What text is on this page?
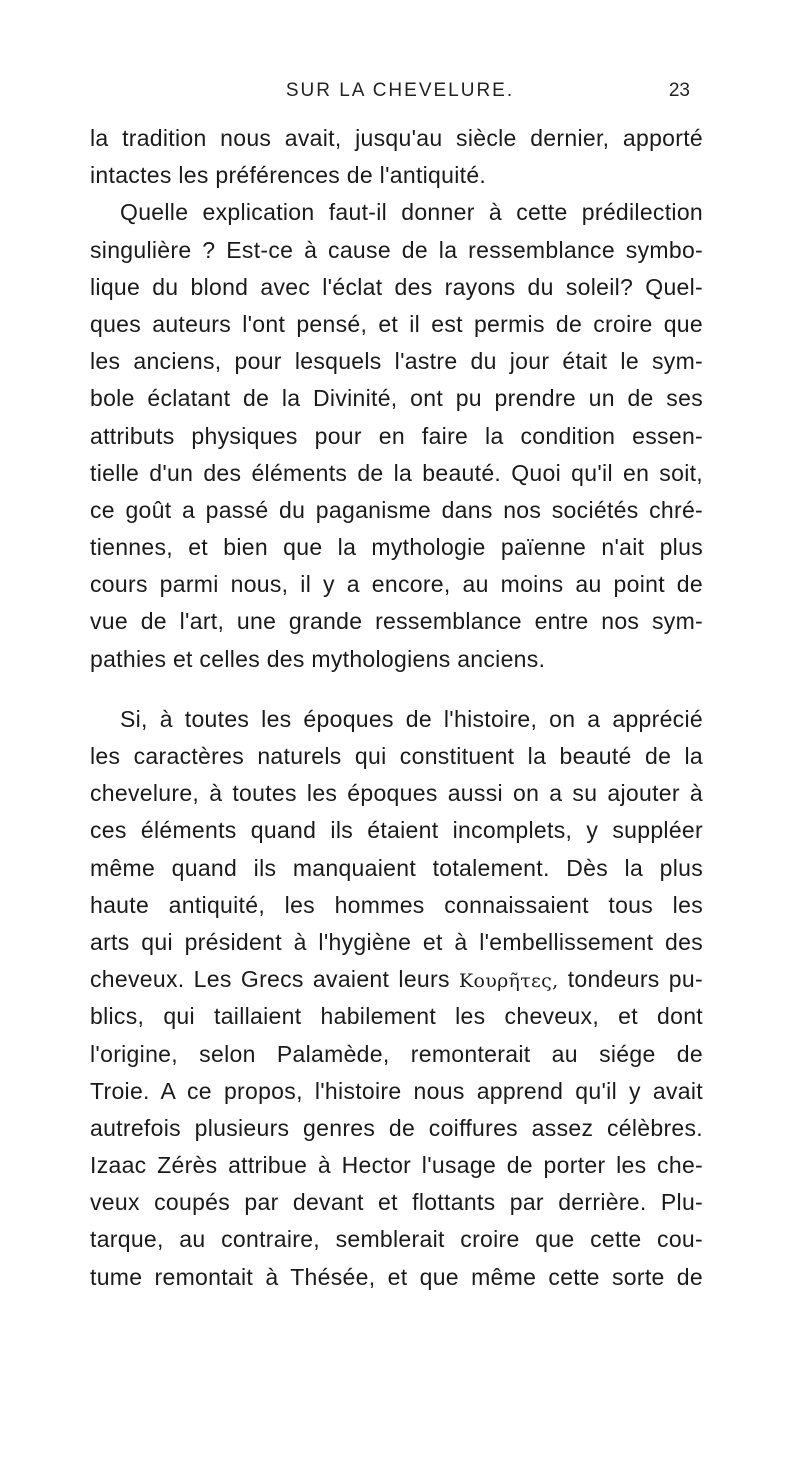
SUR LA CHEVELURE.	23
la tradition nous avait, jusqu'au siècle dernier, apporté
intactes les préférences de l'antiquité.
Quelle explication faut-il donner à cette prédilection
singulière ? Est-ce à cause de la ressemblance symbo-
lique du blond avec l'éclat des rayons du soleil? Quel-
ques auteurs l'ont pensé, et il est permis de croire que
les anciens, pour lesquels l'astre du jour était le sym-
bole éclatant de la Divinité, ont pu prendre un de ses
attributs physiques pour en faire la condition essen-
tielle d'un des éléments de la beauté. Quoi qu'il en soit,
ce goût a passé du paganisme dans nos sociétés chré-
tiennes, et bien que la mythologie païenne n'ait plus
cours parmi nous, il y a encore, au moins au point de
vue de l'art, une grande ressemblance entre nos sym-
pathies et celles des mythologiens anciens.
Si, à toutes les époques de l'histoire, on a apprécié
les caractères naturels qui constituent la beauté de la
chevelure, à toutes les époques aussi on a su ajouter à
ces éléments quand ils étaient incomplets, y suppléer
même quand ils manquaient totalement. Dès la plus
haute antiquité, les hommes connaissaient tous les
arts qui président à l'hygiène et à l'embellissement des
cheveux. Les Grecs avaient leurs Κουρῆτες, tondeurs pu-
blics, qui taillaient habilement les cheveux, et dont
l'origine, selon Palamède, remonterait au siége de
Troie. A ce propos, l'histoire nous apprend qu'il y avait
autrefois plusieurs genres de coiffures assez célèbres.
Izaac Zérès attribue à Hector l'usage de porter les che-
veux coupés par devant et flottants par derrière. Plu-
tarque, au contraire, semblerait croire que cette cou-
tume remontait à Thésée, et que même cette sorte de
